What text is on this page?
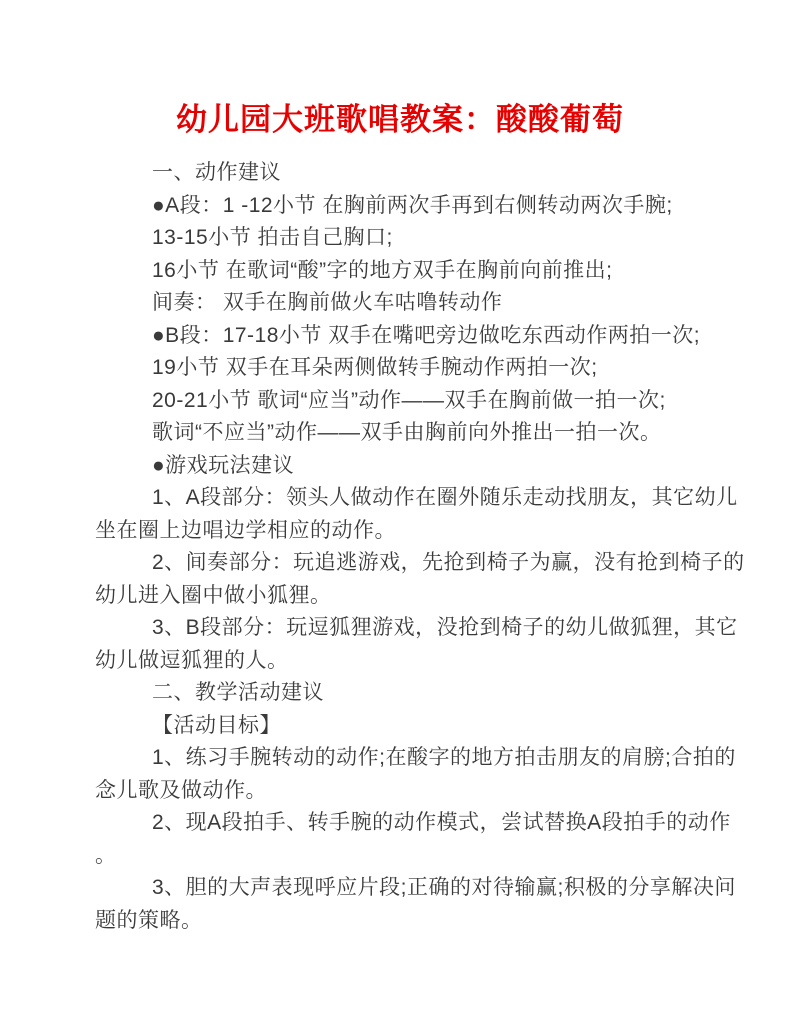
幼儿园大班歌唱教案：酸酸葡萄
一、动作建议
●A段：1 -12小节 在胸前两次手再到右侧转动两次手腕;
13-15小节 拍击自己胸口;
16小节 在歌词“酸”字的地方双手在胸前向前推出;
间奏： 双手在胸前做火车咕噜转动作
●B段：17-18小节 双手在嘴吧旁边做吃东西动作两拍一次;
19小节 双手在耳朵两侧做转手腕动作两拍一次;
20-21小节 歌词“应当”动作——双手在胸前做一拍一次;
歌词“不应当”动作——双手由胸前向外推出一拍一次。
●游戏玩法建议
1、A段部分：领头人做动作在圈外随乐走动找朋友，其它幼儿
坐在圈上边唱边学相应的动作。
2、间奏部分：玩追逃游戏，先抢到椅子为赢，没有抢到椅子的
幼儿进入圈中做小狐狸。
3、B段部分：玩逗狐狸游戏，没抢到椅子的幼儿做狐狸，其它
幼儿做逗狐狸的人。
二、教学活动建议
【活动目标】
1、练习手腕转动的动作;在酸字的地方拍击朋友的肩膀;合拍的
念儿歌及做动作。
2、现A段拍手、转手腕的动作模式，尝试替换A段拍手的动作
。
3、胆的大声表现呼应片段;正确的对待输赢;积极的分享解决问
题的策略。
